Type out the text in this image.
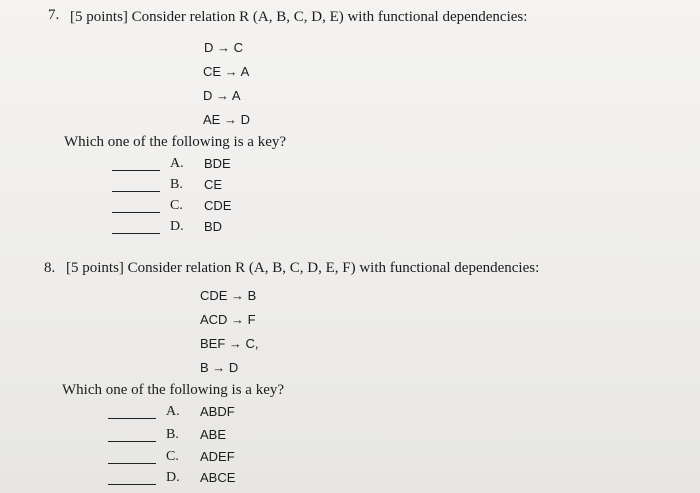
7. [5 points] Consider relation R (A, B, C, D, E) with functional dependencies:
D → C
CE → A
D → A
AE → D
Which one of the following is a key?
A. BDE
B. CE
C. CDE
D. BD
8. [5 points] Consider relation R (A, B, C, D, E, F) with functional dependencies:
CDE → B
ACD → F
BEF → C,
B → D
Which one of the following is a key?
A. ABDF
B. ABE
C. ADEF
D. ABCE
